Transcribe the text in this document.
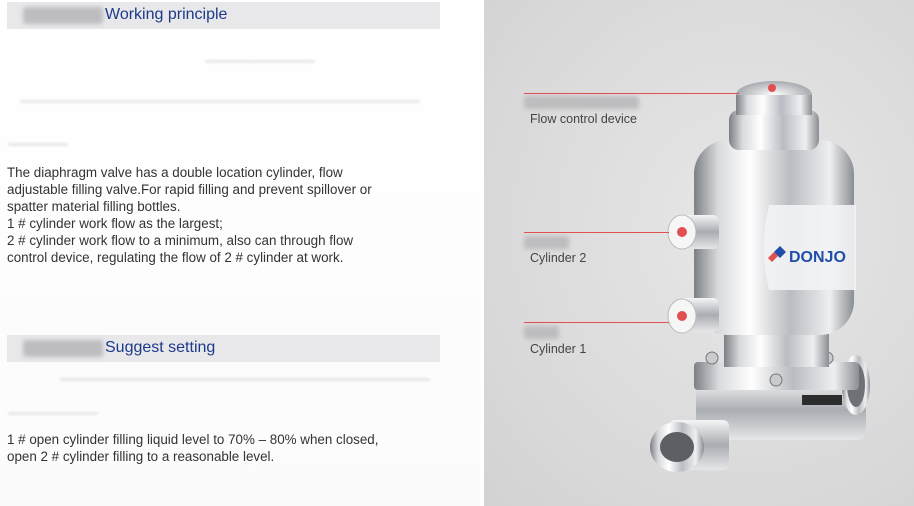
Working principle
The diaphragm valve has a double location cylinder, flow
adjustable filling valve.For rapid filling and prevent spillover or
spatter material filling bottles.
1 # cylinder work flow as the largest;
2 # cylinder work flow to a minimum, also can through flow
control device, regulating the flow of 2 # cylinder at work.
Suggest setting
1 # open cylinder filling liquid level to 70% – 80% when closed,
open 2 # cylinder filling to a reasonable level.
DONJO
Flow control device
Cylinder 2
Cylinder 1
